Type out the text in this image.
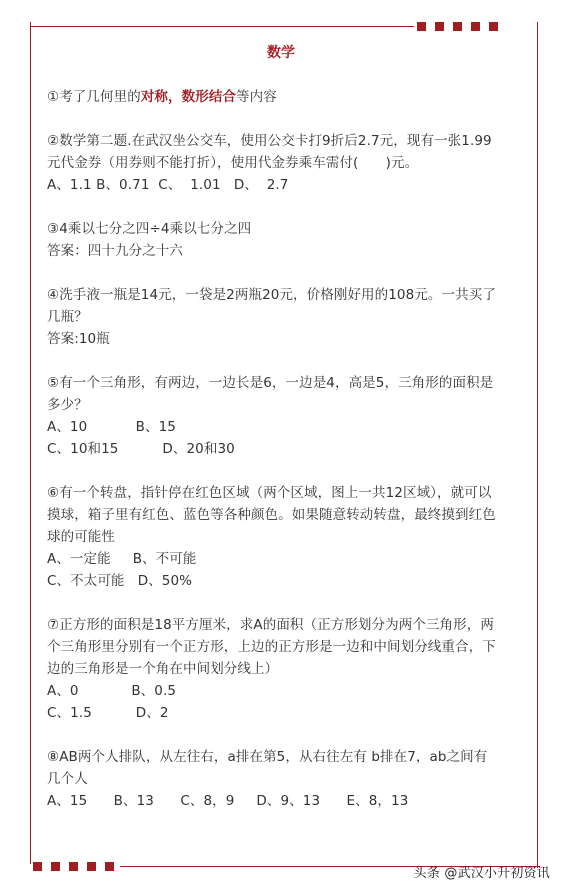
数学
①考了几何里的对称，数形结合等内容
②数学第二题.在武汉坐公交车，使用公交卡打9折后2.7元，现有一张1.99元代金券（用券则不能打折），使用代金券乘车需付(　　)元。
A、1.1 B、0.71  C、  1.01   D、  2.7
③4乘以七分之四÷4乘以七分之四
答案：四十九分之十六
④洗手液一瓶是14元，一袋是2两瓶20元，价格刚好用的108元。一共买了几瓶？
答案:10瓶
⑤有一个三角形，有两边，一边长是6，一边是4，高是5，三角形的面积是多少？
A、10           B、15
C、10和15          D、20和30
⑥有一个转盘，指针停在红色区域（两个区域，图上一共12区域），就可以摸球，箱子里有红色、蓝色等各种颜色。如果随意转动转盘，最终摸到红色球的可能性
A、一定能     B、不可能
C、不太可能   D、50%
⑦正方形的面积是18平方厘米，求A的面积（正方形划分为两个三角形，两个三角形里分别有一个正方形，上边的正方形是一边和中间划分线重合，下边的三角形是一个角在中间划分线上）
A、0            B、0.5
C、1.5          D、2
⑧AB两个人排队，从左往右，a排在第5，从右往左有 b排在7，ab之间有几个人
A、15      B、13      C、8，9     D、9、13      E、8，13
头条 @武汉小升初资讯
